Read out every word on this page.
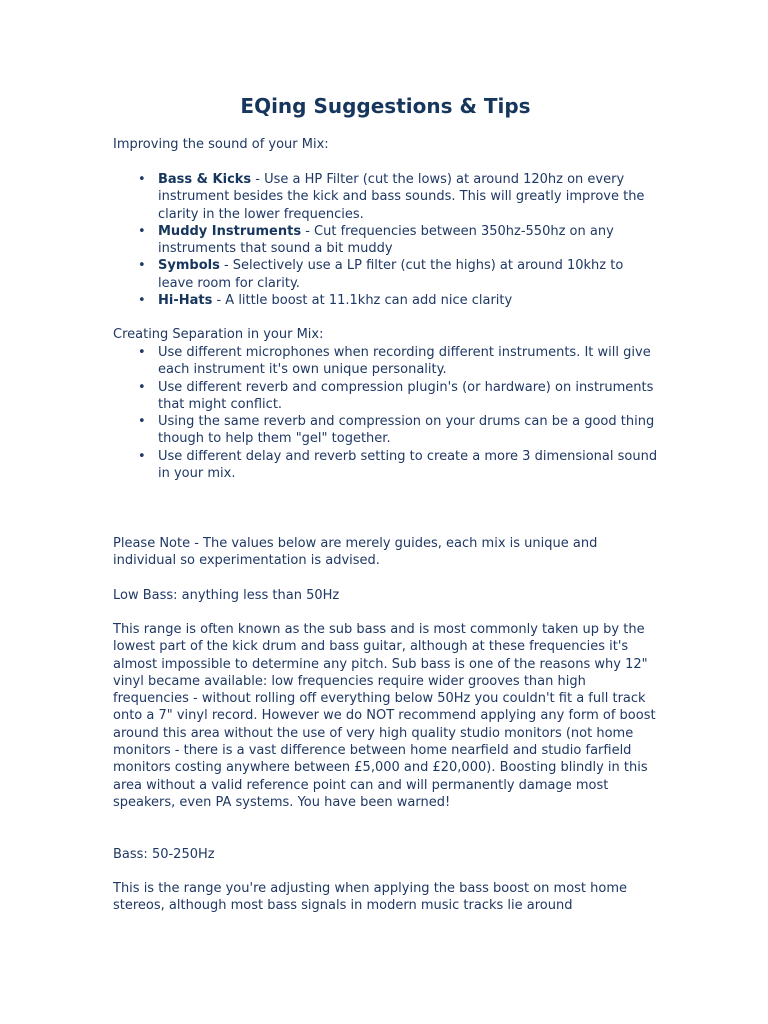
EQing Suggestions & Tips

Improving the sound of your Mix:

• Bass & Kicks - Use a HP Filter (cut the lows) at around 120hz on every instrument besides the kick and bass sounds. This will greatly improve the clarity in the lower frequencies.
• Muddy Instruments - Cut frequencies between 350hz-550hz on any instruments that sound a bit muddy
• Symbols - Selectively use a LP filter (cut the highs) at around 10khz to leave room for clarity.
• Hi-Hats - A little boost at 11.1khz can add nice clarity

Creating Separation in your Mix:

• Use different microphones when recording different instruments. It will give each instrument it's own unique personality.
• Use different reverb and compression plugin's (or hardware) on instruments that might conflict.
• Using the same reverb and compression on your drums can be a good thing though to help them "gel" together.
• Use different delay and reverb setting to create a more 3 dimensional sound in your mix.

Please Note - The values below are merely guides, each mix is unique and individual so experimentation is advised.

Low Bass: anything less than 50Hz

This range is often known as the sub bass and is most commonly taken up by the lowest part of the kick drum and bass guitar, although at these frequencies it's almost impossible to determine any pitch. Sub bass is one of the reasons why 12" vinyl became available: low frequencies require wider grooves than high frequencies - without rolling off everything below 50Hz you couldn't fit a full track onto a 7" vinyl record. However we do NOT recommend applying any form of boost around this area without the use of very high quality studio monitors (not home monitors - there is a vast difference between home nearfield and studio farfield monitors costing anywhere between £5,000 and £20,000). Boosting blindly in this area without a valid reference point can and will permanently damage most speakers, even PA systems. You have been warned!

Bass: 50-250Hz

This is the range you're adjusting when applying the bass boost on most home stereos, although most bass signals in modern music tracks lie around
